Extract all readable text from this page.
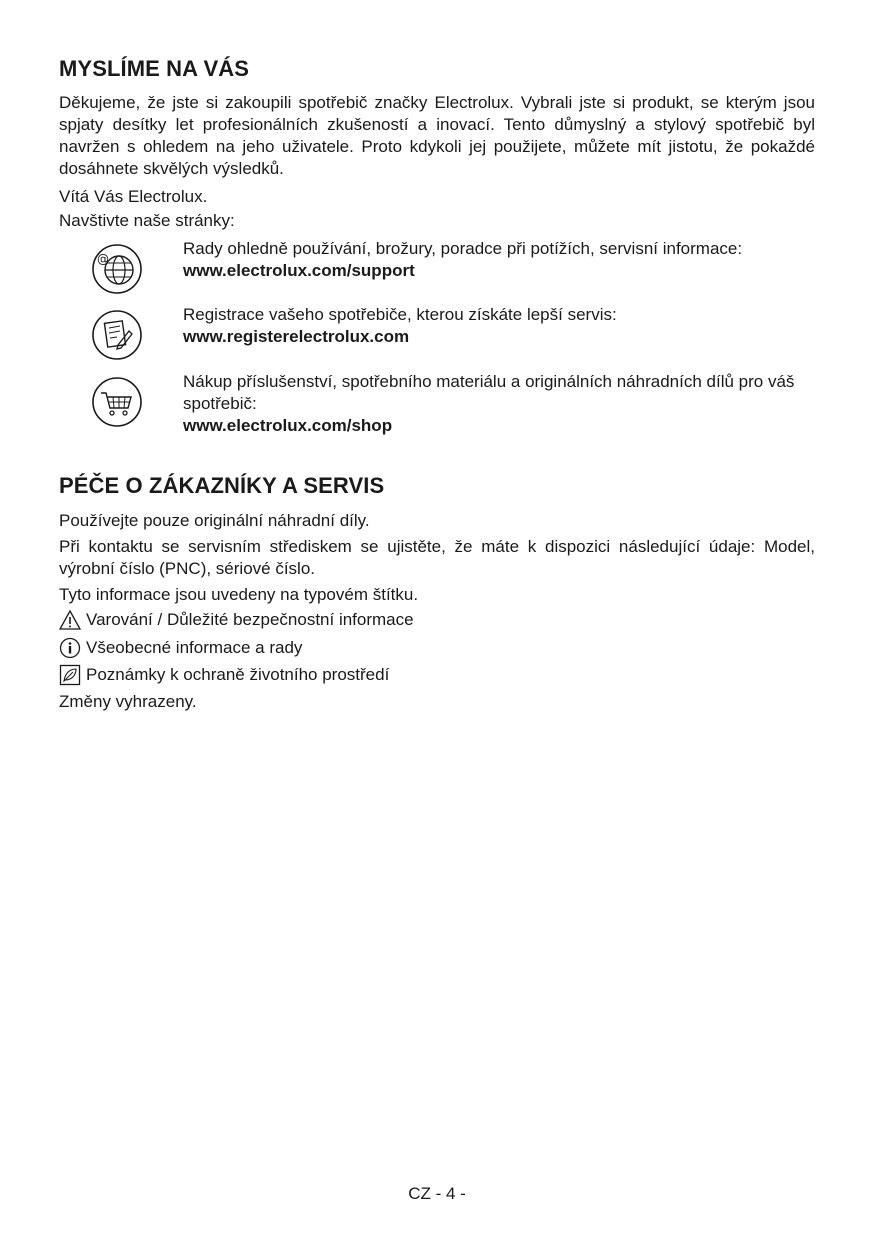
MYSLÍME NA VÁS

Děkujeme, že jste si zakoupili spotřebič značky Electrolux. Vybrali jste si produkt, se kterým jsou spjaty desítky let profesionálních zkušeností a inovací. Tento důmyslný a stylový spotřebič byl navržen s ohledem na jeho uživatele. Proto kdykoli jej použijete, můžete mít jistotu, že pokaždé dosáhnete skvělých výsledků.

Vítá Vás Electrolux.

Navštivte naše stránky:

@
Rady ohledně používání, brožury, poradce při potížích, servisní informace:
www.electrolux.com/support
Registrace vašeho spotřebiče, kterou získáte lepší servis:
www.registerelectrolux.com
Nákup příslušenství, spotřebního materiálu a originálních náhradních dílů pro váš spotřebič:
www.electrolux.com/shop
PÉČE O ZÁKAZNÍKY A SERVIS

Používejte pouze originální náhradní díly.

Při kontaktu se servisním střediskem se ujistěte, že máte k dispozici následující údaje: Model, výrobní číslo (PNC), sériové číslo.

Tyto informace jsou uvedeny na typovém štítku.

Varování / Důležité bezpečnostní informace
Všeobecné informace a rady
Poznámky k ochraně životního prostředí

Změny vyhrazeny.

CZ - 4 -
